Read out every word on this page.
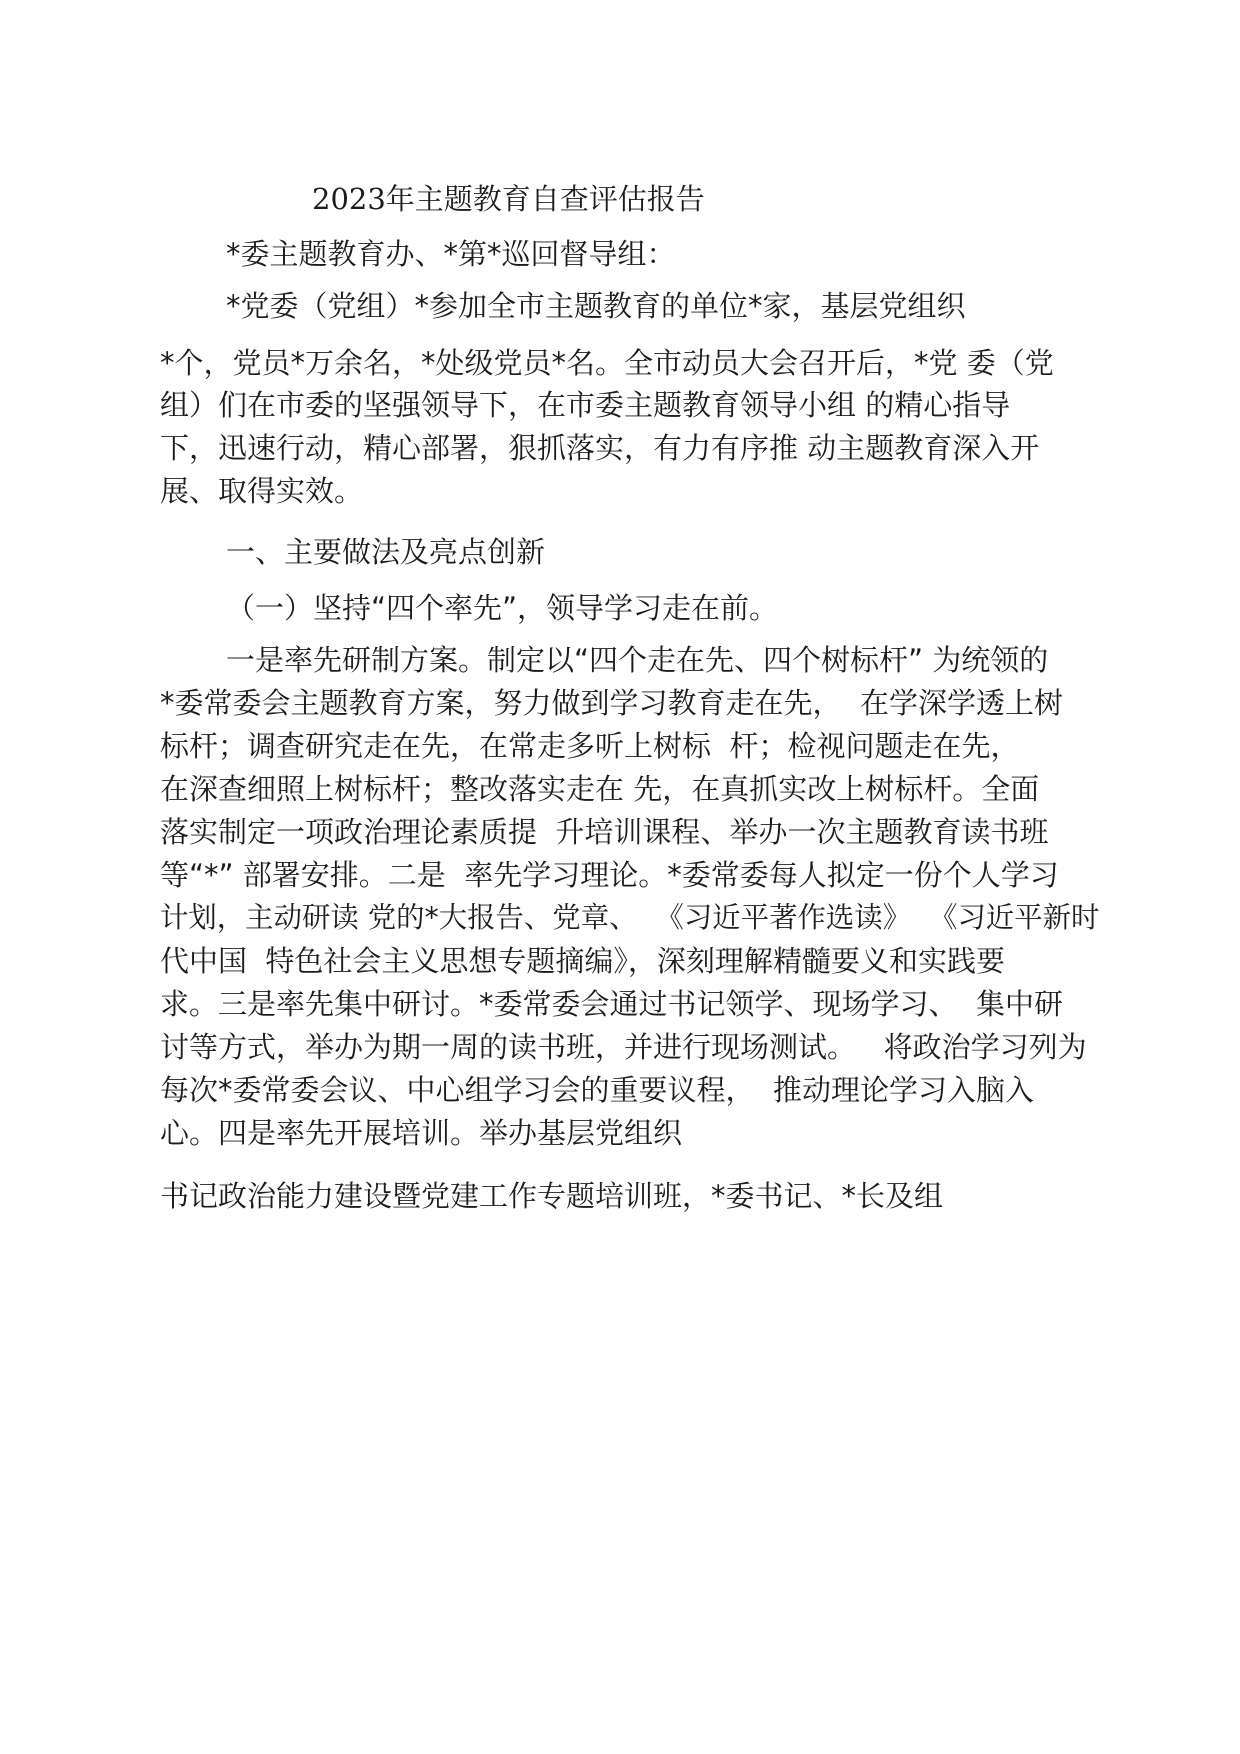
2023年主题教育自查评估报告

*委主题教育办、*第*巡回督导组：

*党委（党组）*参加全市主题教育的单位*家，基层党组织

*个，党员*万余名，*处级党员*名。全市动员大会召开后，*党 委（党

组）们在市委的坚强领导下，在市委主题教育领导小组 的精心指导

下，迅速行动，精心部署，狠抓落实，有力有序推 动主题教育深入开

展、取得实效。

一、主要做法及亮点创新

（一）坚持“四个率先”，领导学习走在前。

一是率先研制方案。制定以“四个走在先、四个树标杆” 为统领的

*委常委会主题教育方案，努力做到学习教育走在先，  在学深学透上树

标杆；调查研究走在先，在常走多听上树标  杆；检视问题走在先，

在深查细照上树标杆；整改落实走在 先，在真抓实改上树标杆。全面

落实制定一项政治理论素质提  升培训课程、举办一次主题教育读书班

等“*” 部署安排。二是  率先学习理论。*委常委每人拟定一份个人学习

计划，主动研读 党的*大报告、党章、  《习近平著作选读》  《习近平新时

代中国  特色社会主义思想专题摘编》，深刻理解精髓要义和实践要

求。三是率先集中研讨。*委常委会通过书记领学、现场学习、  集中研

讨等方式，举办为期一周的读书班，并进行现场测试。   将政治学习列为

每次*委常委会议、中心组学习会的重要议程，  推动理论学习入脑入

心。四是率先开展培训。举办基层党组织

书记政治能力建设暨党建工作专题培训班，*委书记、*长及组
